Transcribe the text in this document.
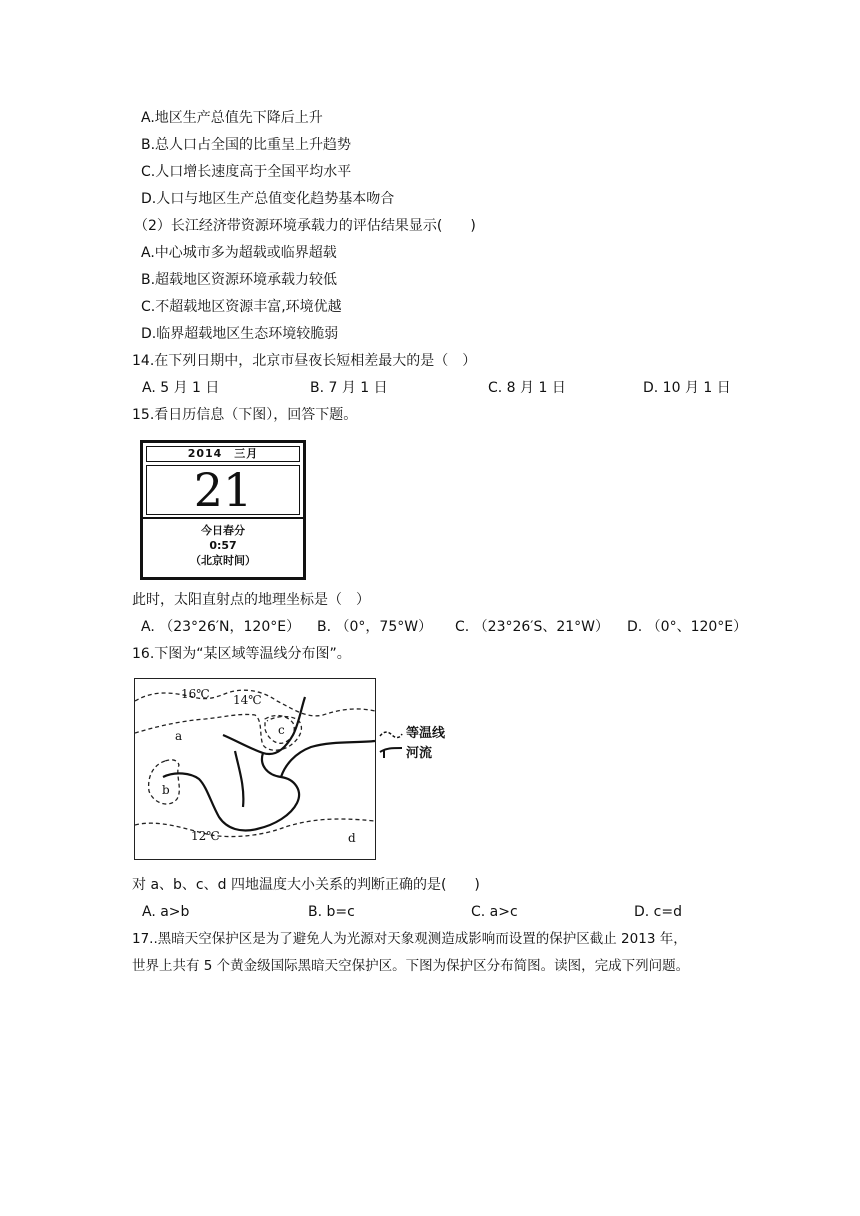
A.地区生产总值先下降后上升
B.总人口占全国的比重呈上升趋势
C.人口增长速度高于全国平均水平
D.人口与地区生产总值变化趋势基本吻合
（2）长江经济带资源环境承载力的评估结果显示(　　)
A.中心城市多为超载或临界超载
B.超载地区资源环境承载力较低
C.不超载地区资源丰富,环境优越
D.临界超载地区生态环境较脆弱
14.在下列日期中，北京市昼夜长短相差最大的是（　）
A. 5 月 1 日	B. 7 月 1 日	C. 8 月 1 日	D. 10 月 1 日
15.看日历信息（下图），回答下题。
2014　三月
21
今日春分
0:57
（北京时间）
此时，太阳直射点的地理坐标是（　）
A. （23°26′N，120°E） B. （0°，75°W） C. （23°26′S、21°W） D. （0°、120°E）
16.下图为“某区域等温线分布图”。
16℃ 14℃
12℃
a
b
c
d
等温线
河流
对 a、b、c、d 四地温度大小关系的判断正确的是(　　)
A. a>b	B. b=c	C. a>c	D. c=d
17..黑暗天空保护区是为了避免人为光源对天象观测造成影响而设置的保护区截止 2013 年，
世界上共有 5 个黄金级国际黑暗天空保护区。下图为保护区分布简图。读图，完成下列问题。
